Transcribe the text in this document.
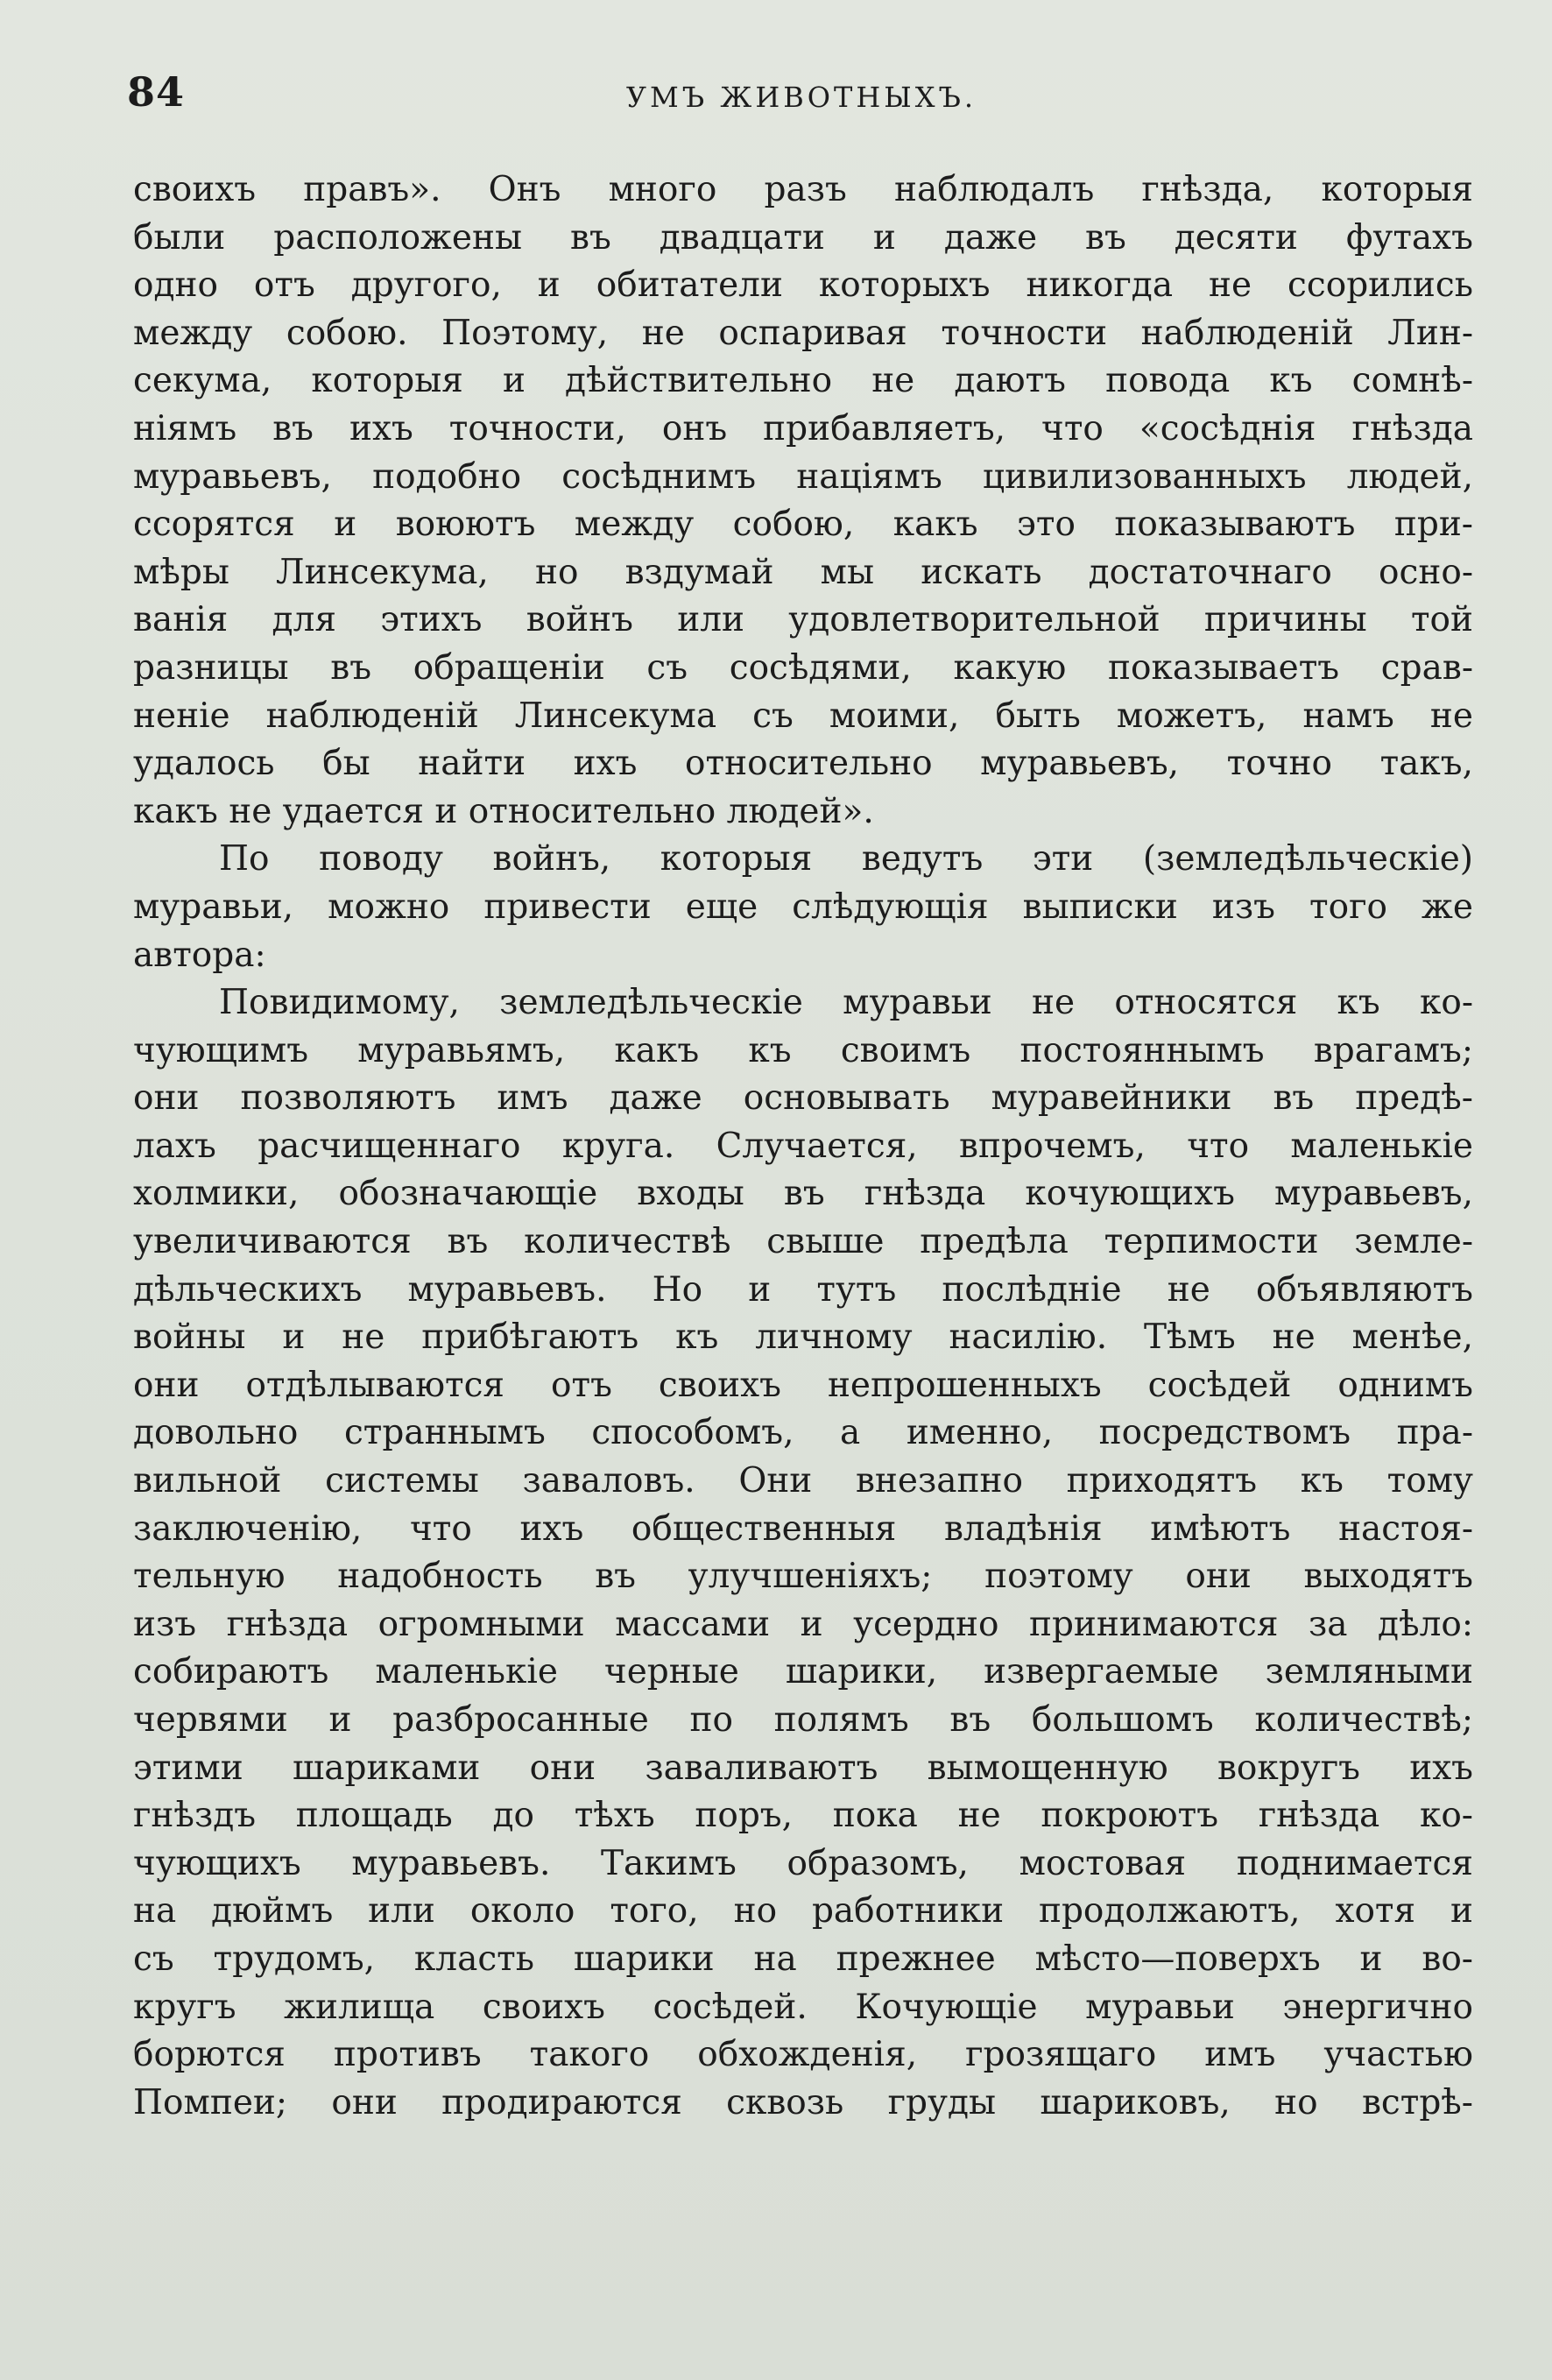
84	УМЪ ЖИВОТНЫХЪ.
своихъ правъ». Онъ много разъ наблюдалъ гнѣзда, которыя
были расположены въ двадцати и даже въ десяти футахъ
одно отъ другого, и обитатели которыхъ никогда не ссорились
между собою. Поэтому, не оспаривая точности наблюденій Лин-
секума, которыя и дѣйствительно не даютъ повода къ сомнѣ-
ніямъ въ ихъ точности, онъ прибавляетъ, что «сосѣднія гнѣзда
муравьевъ, подобно сосѣднимъ націямъ цивилизованныхъ людей,
ссорятся и воюютъ между собою, какъ это показываютъ при-
мѣры Линсекума, но вздумай мы искать достаточнаго осно-
ванія для этихъ войнъ или удовлетворительной причины той
разницы въ обращеніи съ сосѣдями, какую показываетъ срав-
неніе наблюденій Линсекума съ моими, быть можетъ, намъ не
удалось бы найти ихъ относительно муравьевъ, точно такъ,
какъ не удается и относительно людей».
По поводу войнъ, которыя ведутъ эти (земледѣльческіе)
муравьи, можно привести еще слѣдующія выписки изъ того же
автора:
Повидимому, земледѣльческіе муравьи не относятся къ ко-
чующимъ муравьямъ, какъ къ своимъ постояннымъ врагамъ;
они позволяютъ имъ даже основывать муравейники въ предѣ-
лахъ расчищеннаго круга. Случается, впрочемъ, что маленькіе
холмики, обозначающіе входы въ гнѣзда кочующихъ муравьевъ,
увеличиваются въ количествѣ свыше предѣла терпимости земле-
дѣльческихъ муравьевъ. Но и тутъ послѣдніе не объявляютъ
войны и не прибѣгаютъ къ личному насилію. Тѣмъ не менѣе,
они отдѣлываются отъ своихъ непрошенныхъ сосѣдей однимъ
довольно страннымъ способомъ, а именно, посредствомъ пра-
вильной системы заваловъ. Они внезапно приходятъ къ тому
заключенію, что ихъ общественныя владѣнія имѣютъ настоя-
тельную надобность въ улучшеніяхъ; поэтому они выходятъ
изъ гнѣзда огромными массами и усердно принимаются за дѣло:
собираютъ маленькіе черные шарики, извергаемые земляными
червями и разбросанные по полямъ въ большомъ количествѣ;
этими шариками они заваливаютъ вымощенную вокругъ ихъ
гнѣздъ площадь до тѣхъ поръ, пока не покроютъ гнѣзда ко-
чующихъ муравьевъ. Такимъ образомъ, мостовая поднимается
на дюймъ или около того, но работники продолжаютъ, хотя и
съ трудомъ, класть шарики на прежнее мѣсто—поверхъ и во-
кругъ жилища своихъ сосѣдей. Кочующіе муравьи энергично
борются противъ такого обхожденія, грозящаго имъ участью
Помпеи; они продираются сквозь груды шариковъ, но встрѣ-
